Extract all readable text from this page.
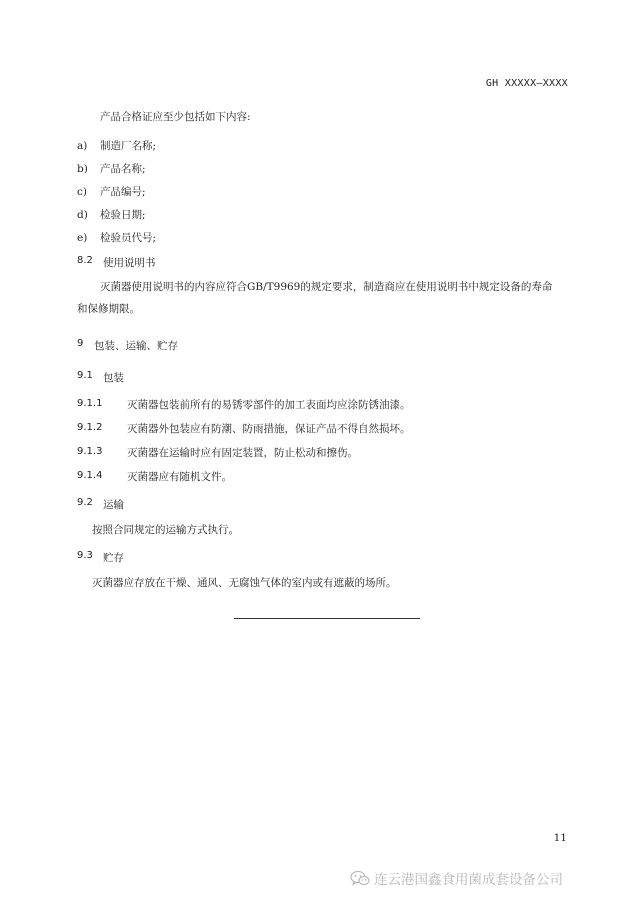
GH XXXXX—XXXX
产品合格证应至少包括如下内容:
a) 制造厂名称;
b) 产品名称;
c) 产品编号;
d) 检验日期;
e) 检验员代号;
8.2 使用说明书
灭菌器使用说明书的内容应符合GB/T9969的规定要求，制造商应在使用说明书中规定设备的寿命
和保修期限。
9 包装、运输、贮存
9.1 包装
9.1.1 灭菌器包装前所有的易锈零部件的加工表面均应涂防锈油漆。
9.1.2 灭菌器外包装应有防潮、防雨措施，保证产品不得自然损坏。
9.1.3 灭菌器在运输时应有固定装置，防止松动和擦伤。
9.1.4 灭菌器应有随机文件。
9.2 运输
按照合同规定的运输方式执行。
9.3 贮存
灭菌器应存放在干燥、通风、无腐蚀气体的室内或有遮蔽的场所。
11
连云港国鑫食用菌成套设备公司
